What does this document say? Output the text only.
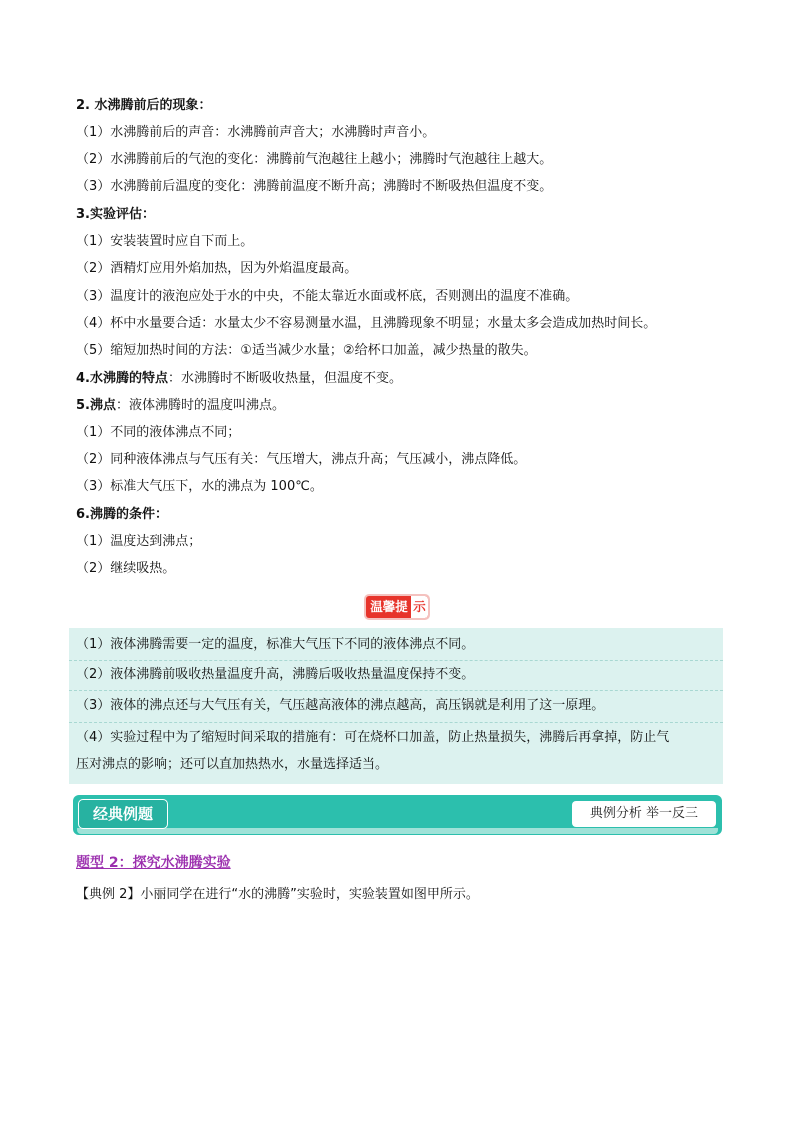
2. 水沸腾前后的现象：
（1）水沸腾前后的声音：水沸腾前声音大；水沸腾时声音小。
（2）水沸腾前后的气泡的变化：沸腾前气泡越往上越小；沸腾时气泡越往上越大。
（3）水沸腾前后温度的变化：沸腾前温度不断升高；沸腾时不断吸热但温度不变。
3.实验评估：
（1）安装装置时应自下而上。
（2）酒精灯应用外焰加热，因为外焰温度最高。
（3）温度计的液泡应处于水的中央，不能太靠近水面或杯底，否则测出的温度不准确。
（4）杯中水量要合适：水量太少不容易测量水温，且沸腾现象不明显；水量太多会造成加热时间长。
（5）缩短加热时间的方法：①适当减少水量；②给杯口加盖，减少热量的散失。
4.水沸腾的特点：水沸腾时不断吸收热量，但温度不变。
5.沸点：液体沸腾时的温度叫沸点。
（1）不同的液体沸点不同；
（2）同种液体沸点与气压有关：气压增大，沸点升高；气压减小，沸点降低。
（3）标准大气压下，水的沸点为 100℃。
6.沸腾的条件：
（1）温度达到沸点；
（2）继续吸热。
温馨提 示
（1）液体沸腾需要一定的温度，标准大气压下不同的液体沸点不同。
（2）液体沸腾前吸收热量温度升高，沸腾后吸收热量温度保持不变。
（3）液体的沸点还与大气压有关，气压越高液体的沸点越高，高压锅就是利用了这一原理。
（4）实验过程中为了缩短时间采取的措施有：可在烧杯口加盖，防止热量损失，沸腾后再拿掉，防止气
压对沸点的影响；还可以直加热热水，水量选择适当。
经典例题	典例分析 举一反三
题型 2：探究水沸腾实验
【典例 2】小丽同学在进行“水的沸腾”实验时，实验装置如图甲所示。
